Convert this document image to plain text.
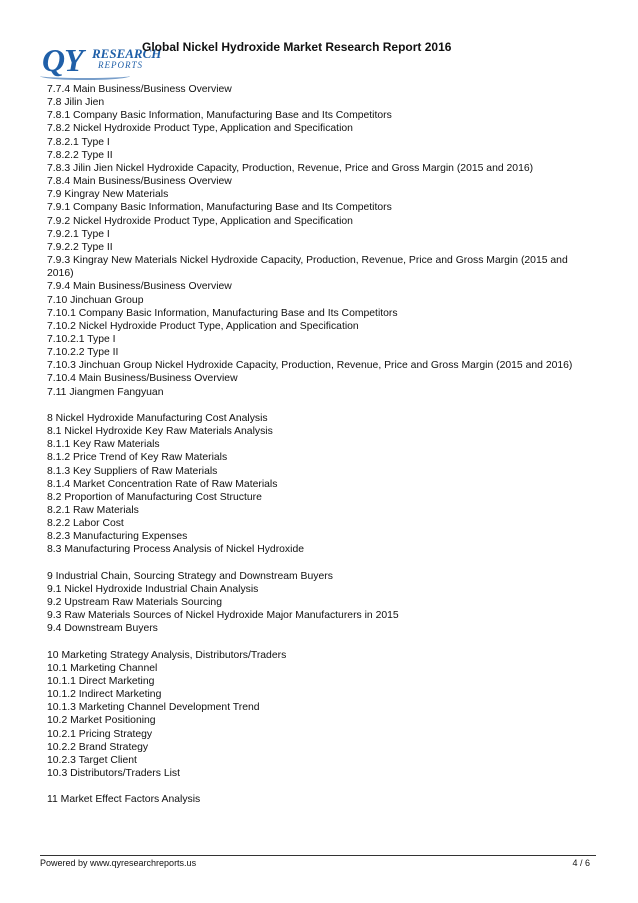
QY RESEARCH
REPORTS
Global Nickel Hydroxide Market Research Report 2016
7.7.4 Main Business/Business Overview
7.8 Jilin Jien
7.8.1 Company Basic Information, Manufacturing Base and Its Competitors
7.8.2 Nickel Hydroxide Product Type, Application and Specification
7.8.2.1 Type I
7.8.2.2 Type II
7.8.3 Jilin Jien Nickel Hydroxide Capacity, Production, Revenue, Price and Gross Margin (2015 and 2016)
7.8.4 Main Business/Business Overview
7.9 Kingray New Materials
7.9.1 Company Basic Information, Manufacturing Base and Its Competitors
7.9.2 Nickel Hydroxide Product Type, Application and Specification
7.9.2.1 Type I
7.9.2.2 Type II
7.9.3 Kingray New Materials Nickel Hydroxide Capacity, Production, Revenue, Price and Gross Margin (2015 and 2016)
7.9.4 Main Business/Business Overview
7.10 Jinchuan Group
7.10.1 Company Basic Information, Manufacturing Base and Its Competitors
7.10.2 Nickel Hydroxide Product Type, Application and Specification
7.10.2.1 Type I
7.10.2.2 Type II
7.10.3 Jinchuan Group Nickel Hydroxide Capacity, Production, Revenue, Price and Gross Margin (2015 and 2016)
7.10.4 Main Business/Business Overview
7.11 Jiangmen Fangyuan
8 Nickel Hydroxide Manufacturing Cost Analysis
8.1 Nickel Hydroxide Key Raw Materials Analysis
8.1.1 Key Raw Materials
8.1.2 Price Trend of Key Raw Materials
8.1.3 Key Suppliers of Raw Materials
8.1.4 Market Concentration Rate of Raw Materials
8.2 Proportion of Manufacturing Cost Structure
8.2.1 Raw Materials
8.2.2 Labor Cost
8.2.3 Manufacturing Expenses
8.3 Manufacturing Process Analysis of Nickel Hydroxide
9 Industrial Chain, Sourcing Strategy and Downstream Buyers
9.1 Nickel Hydroxide Industrial Chain Analysis
9.2 Upstream Raw Materials Sourcing
9.3 Raw Materials Sources of Nickel Hydroxide Major Manufacturers in 2015
9.4 Downstream Buyers
10 Marketing Strategy Analysis, Distributors/Traders
10.1 Marketing Channel
10.1.1 Direct Marketing
10.1.2 Indirect Marketing
10.1.3 Marketing Channel Development Trend
10.2 Market Positioning
10.2.1 Pricing Strategy
10.2.2 Brand Strategy
10.2.3 Target Client
10.3 Distributors/Traders List
11 Market Effect Factors Analysis
Powered by www.qyresearchreports.us	4 / 6
